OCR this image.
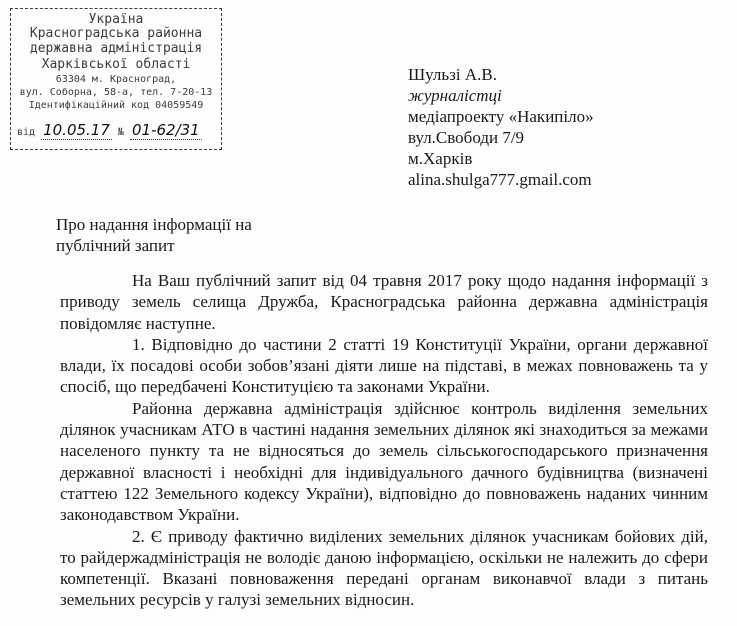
Україна
Красноградська районна
державна адміністрація
Харківської області
63304 м. Красноград,
вул. Соборна, 58-а, тел. 7-20-13
Ідентифікаційний код 04059549
від 10.05.17 № 01-62/31
Шульзі А.В.
журналістці
медіапроекту «Накипіло»
вул.Свободи 7/9
м.Харків
alina.shulga777.gmail.com
Про надання інформації на
публічний запит

На Ваш публічний запит від 04 травня 2017 року щодо надання інформації з приводу земель селища Дружба, Красноградська районна державна адміністрація повідомляє наступне.

1. Відповідно до частини 2 статті 19 Конституції України, органи державної влади, їх посадові особи зобов’язані діяти лише на підставі, в межах повноважень та у спосіб, що передбачені Конституцією та законами України.

Районна державна адміністрація здійснює контроль виділення земельних ділянок учасникам АТО в частині надання земельних ділянок які знаходиться за межами населеного пункту та не відносяться до земель сільськогосподарського призначення державної власності і необхідні для індивідуального дачного будівництва (визначені статтею 122 Земельного кодексу України), відповідно до повноважень наданих чинним законодавством України.

2. Є приводу фактично виділених земельних ділянок учасникам бойових дій, то райдержадміністрація не володіє даною інформацією, оскільки не належить до сфери компетенції. Вказані повноваження передані органам виконавчої влади з питань земельних ресурсів у галузі земельних відносин.
